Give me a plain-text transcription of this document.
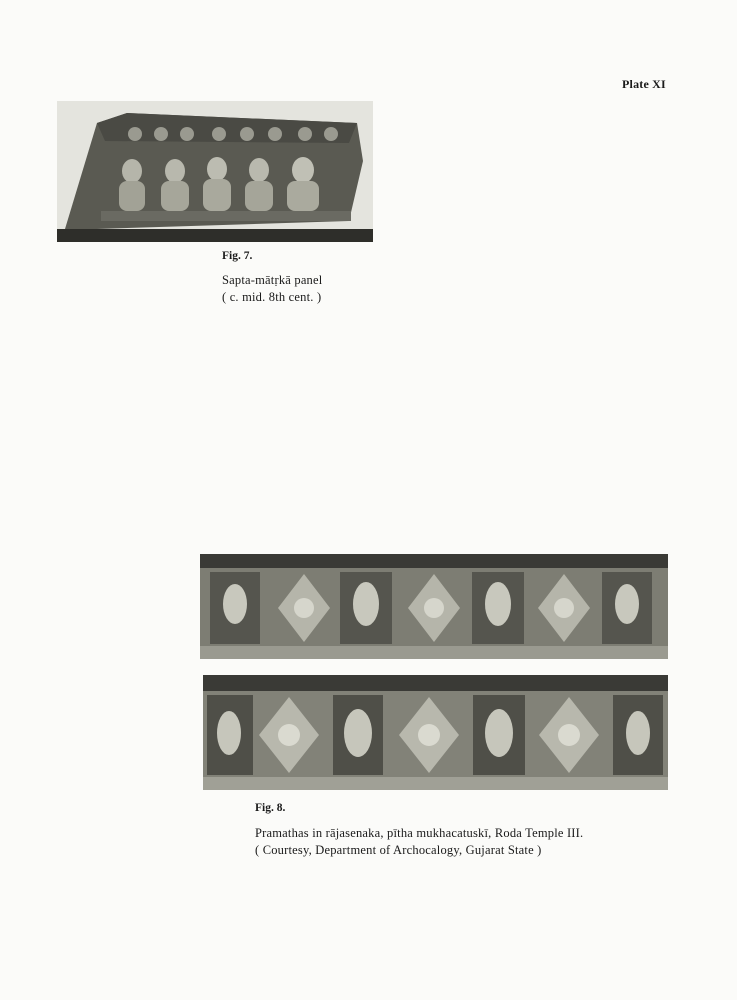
Plate XI
Fig. 7.
Sapta-mātṛkā panel
( c. mid. 8th cent. )
Fig. 8.
Pramathas in rājasenaka, pītha mukhacatuskī, Roda Temple III.
( Courtesy, Department of Archocalogy, Gujarat State )
